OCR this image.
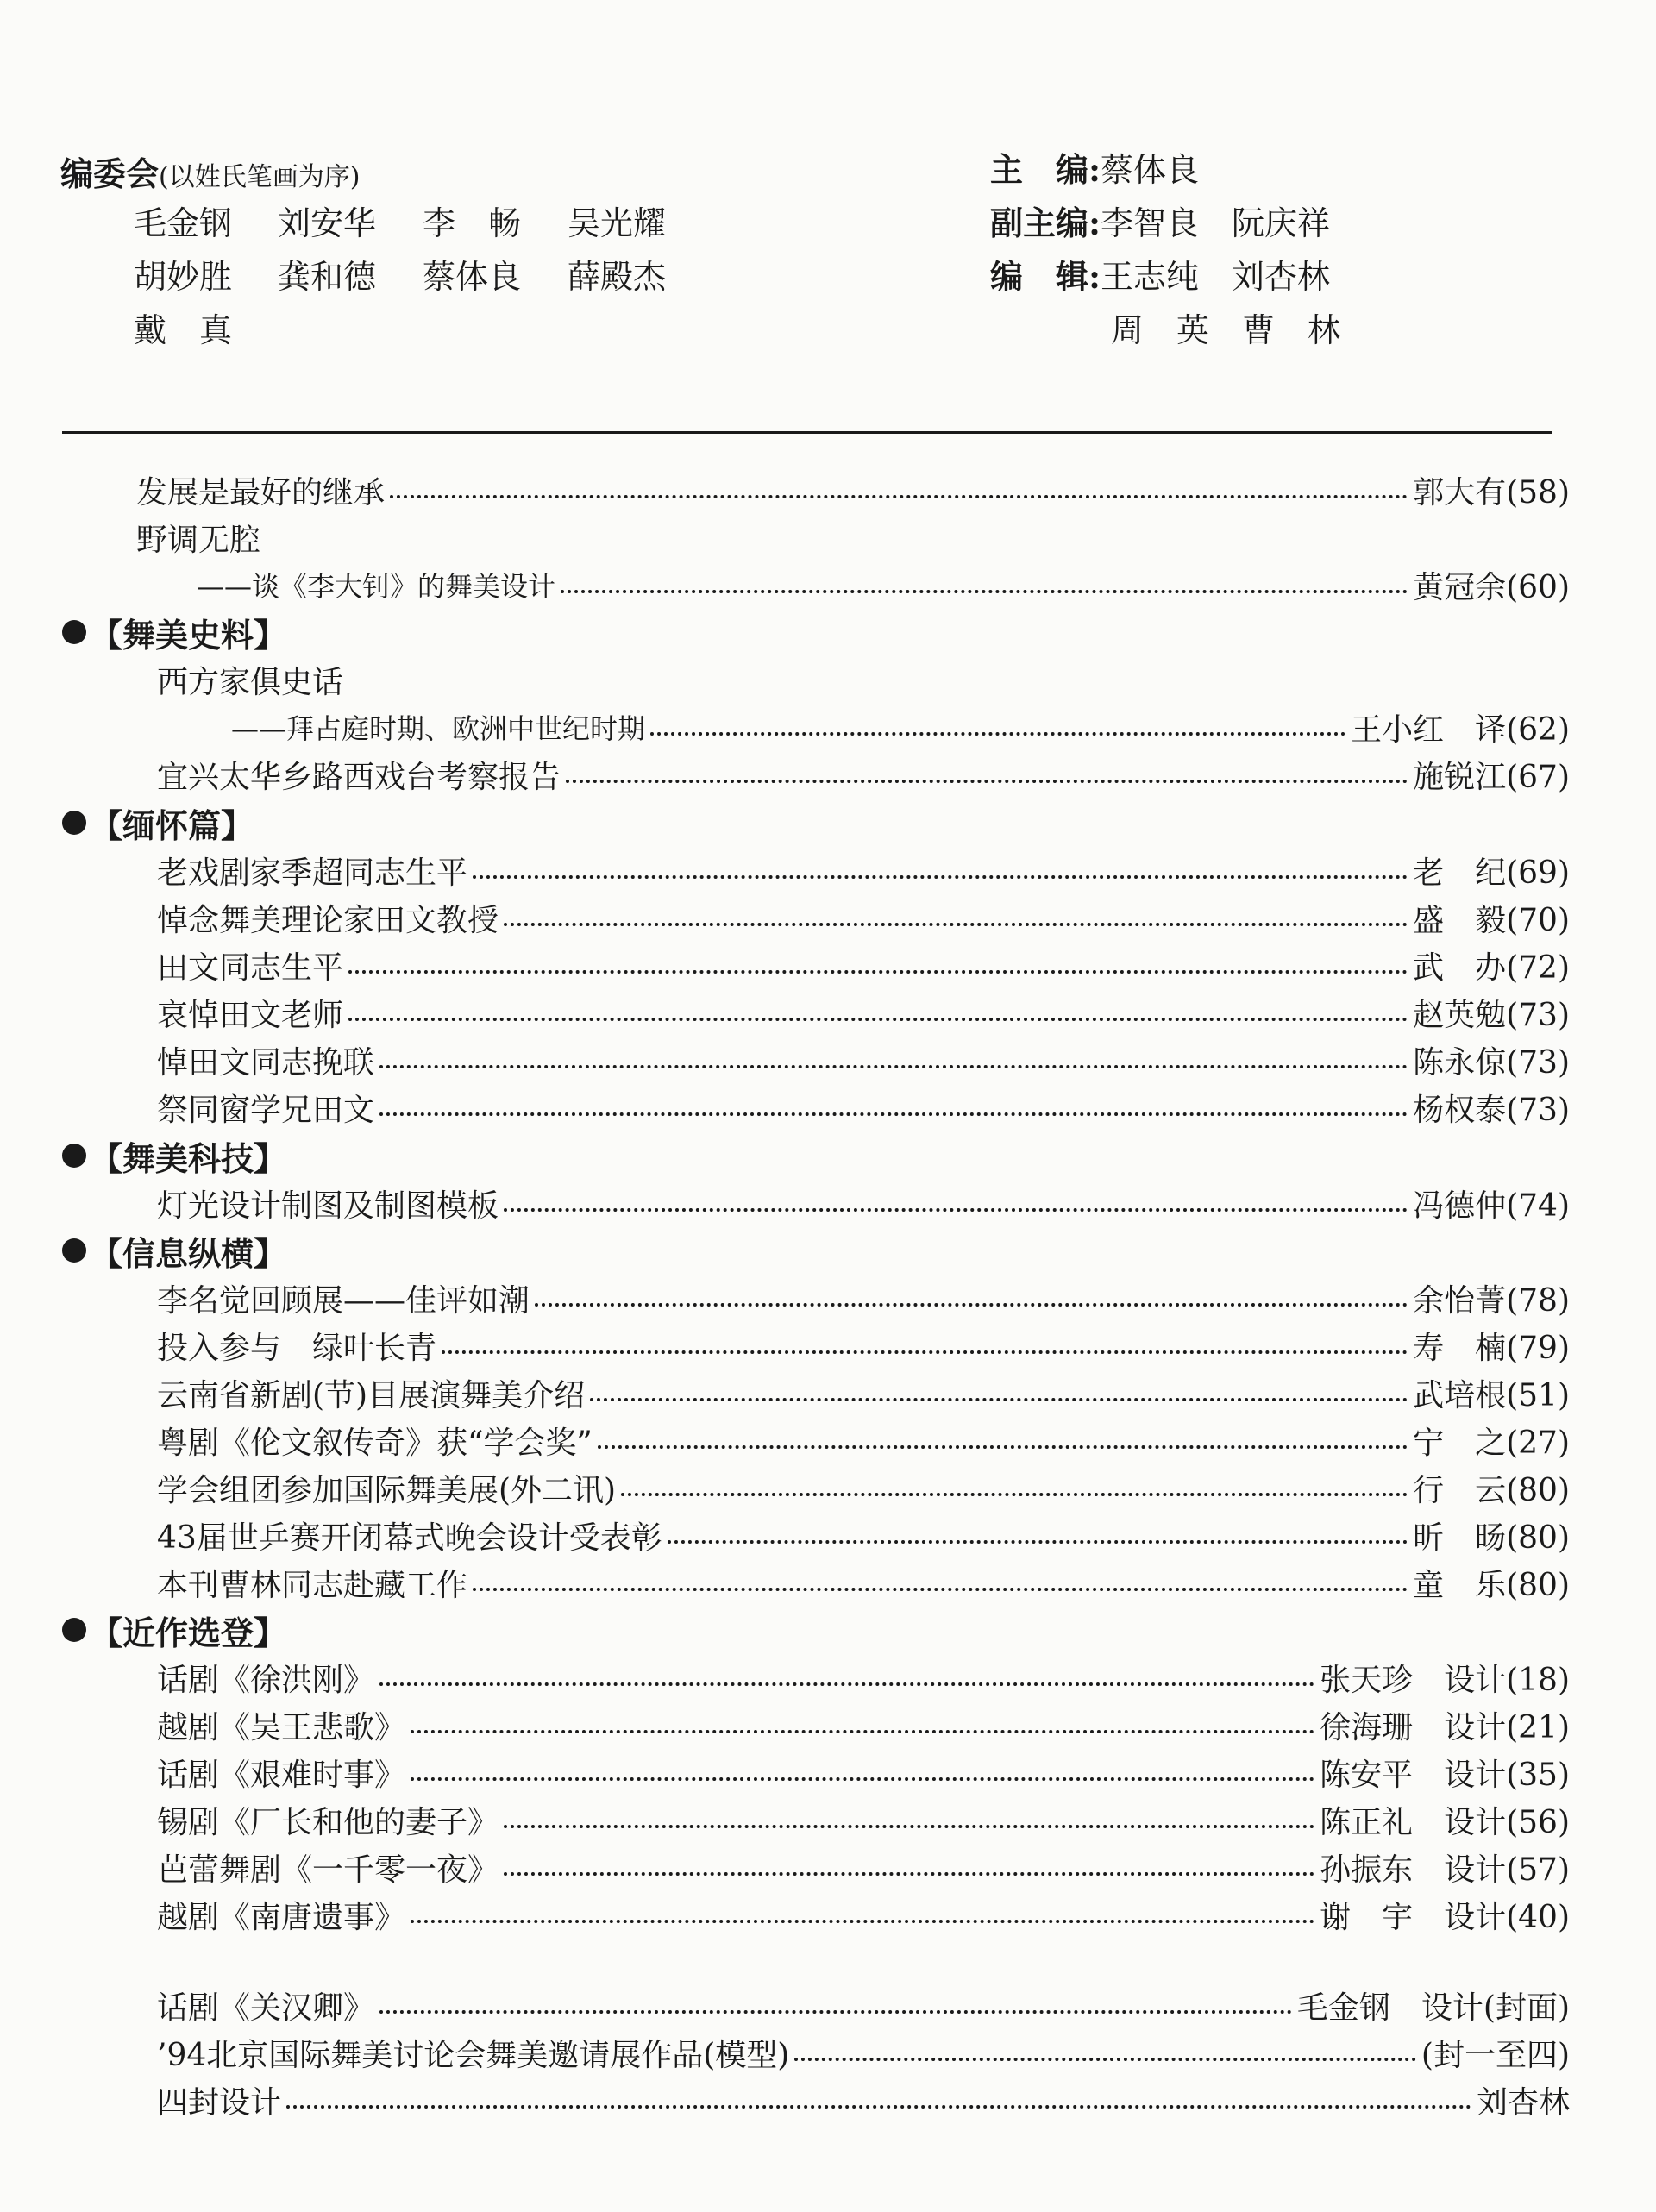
编委会(以姓氏笔画为序)
毛金钢 刘安华 李　畅 吴光耀
胡妙胜 龚和德 蔡体良 薛殿杰
戴　真
主　编:蔡体良
副主编:李智良　阮庆祥
编　辑:王志纯　刘杏林
周　英　曹　林
发展是最好的继承	郭大有(58)
野调无腔
——谈《李大钊》的舞美设计	黄冠余(60)
【舞美史料】
西方家俱史话
——拜占庭时期、欧洲中世纪时期	王小红　译(62)
宜兴太华乡路西戏台考察报告	施锐江(67)
【缅怀篇】
老戏剧家季超同志生平	老　纪(69)
悼念舞美理论家田文教授	盛　毅(70)
田文同志生平	武　办(72)
哀悼田文老师	赵英勉(73)
悼田文同志挽联	陈永倞(73)
祭同窗学兄田文	杨权泰(73)
【舞美科技】
灯光设计制图及制图模板	冯德仲(74)
【信息纵横】
李名觉回顾展——佳评如潮	余怡菁(78)
投入参与　绿叶长青	寿　楠(79)
云南省新剧(节)目展演舞美介绍	武培根(51)
粤剧《伦文叙传奇》获“学会奖”	宁　之(27)
学会组团参加国际舞美展(外二讯)	行　云(80)
43届世乒赛开闭幕式晚会设计受表彰	昕　旸(80)
本刊曹林同志赴藏工作	童　乐(80)
【近作选登】
话剧《徐洪刚》	张天珍　设计(18)
越剧《吴王悲歌》	徐海珊　设计(21)
话剧《艰难时事》	陈安平　设计(35)
锡剧《厂长和他的妻子》	陈正礼　设计(56)
芭蕾舞剧《一千零一夜》	孙振东　设计(57)
越剧《南唐遗事》	谢　宇　设计(40)
话剧《关汉卿》	毛金钢　设计(封面)
’94北京国际舞美讨论会舞美邀请展作品(模型)	(封一至四)
四封设计	刘杏林
